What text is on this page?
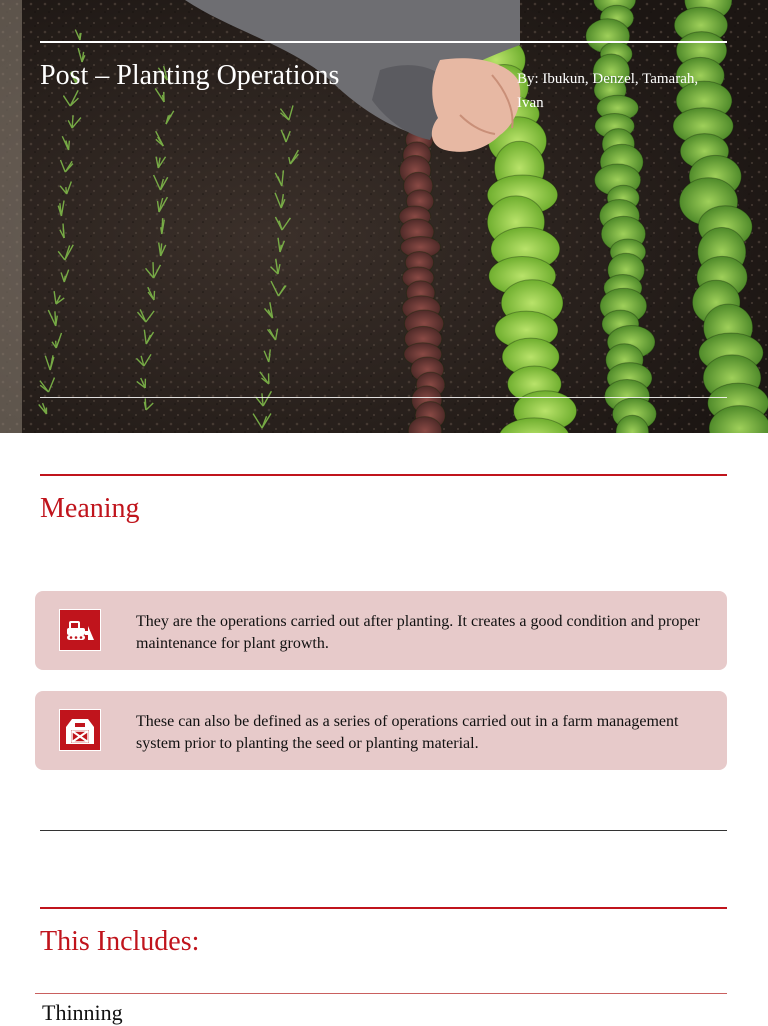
Post – Planting Operations	By: Ibukun, Denzel, Tamarah, Ivan
Meaning
They are the operations carried out after planting. It creates a good condition and proper maintenance for plant growth.
These can also be defined as a series of operations carried out in a farm management system prior to planting the seed or planting material.
This Includes:
Thinning
